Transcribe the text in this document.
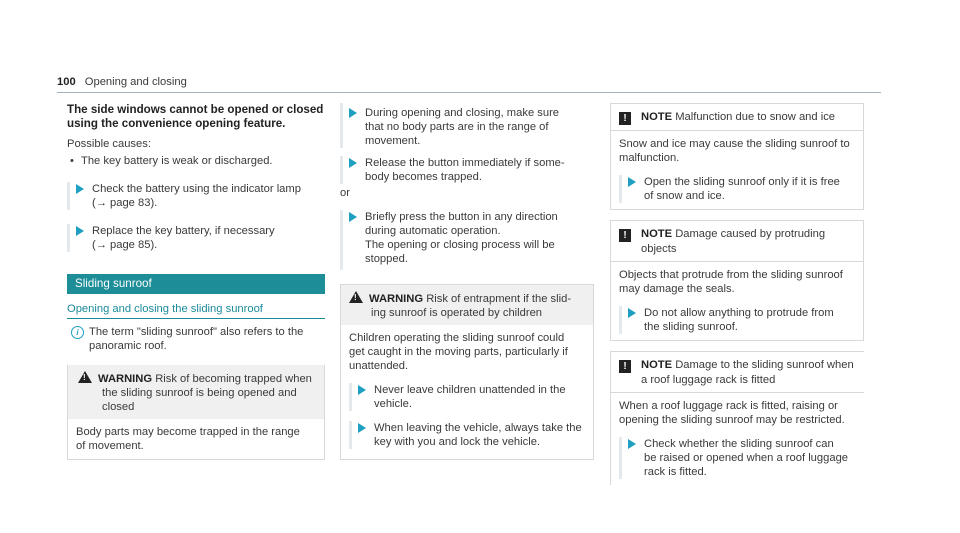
100 Opening and closing
The side windows cannot be opened or closed
using the convenience opening feature.
Possible causes:
• The key battery is weak or discharged.
Check the battery using the indicator lamp
(→ page 83).
Replace the key battery, if necessary
(→ page 85).
Sliding sunroof
Opening and closing the sliding sunroof
i The term "sliding sunroof" also refers to the
panoramic roof.
! WARNING Risk of becoming trapped when
the sliding sunroof is being opened and
closed
Body parts may become trapped in the range
of movement.
During opening and closing, make sure
that no body parts are in the range of
movement.
Release the button immediately if some-
body becomes trapped.
or
Briefly press the button in any direction
during automatic operation.
The opening or closing process will be
stopped.
! WARNING Risk of entrapment if the slid-
ing sunroof is operated by children
Children operating the sliding sunroof could
get caught in the moving parts, particularly if
unattended.
Never leave children unattended in the
vehicle.
When leaving the vehicle, always take the
key with you and lock the vehicle.
! NOTE Malfunction due to snow and ice
Snow and ice may cause the sliding sunroof to
malfunction.
Open the sliding sunroof only if it is free
of snow and ice.
! NOTE Damage caused by protruding
objects
Objects that protrude from the sliding sunroof
may damage the seals.
Do not allow anything to protrude from
the sliding sunroof.
! NOTE Damage to the sliding sunroof when
a roof luggage rack is fitted
When a roof luggage rack is fitted, raising or
opening the sliding sunroof may be restricted.
Check whether the sliding sunroof can
be raised or opened when a roof luggage
rack is fitted.
